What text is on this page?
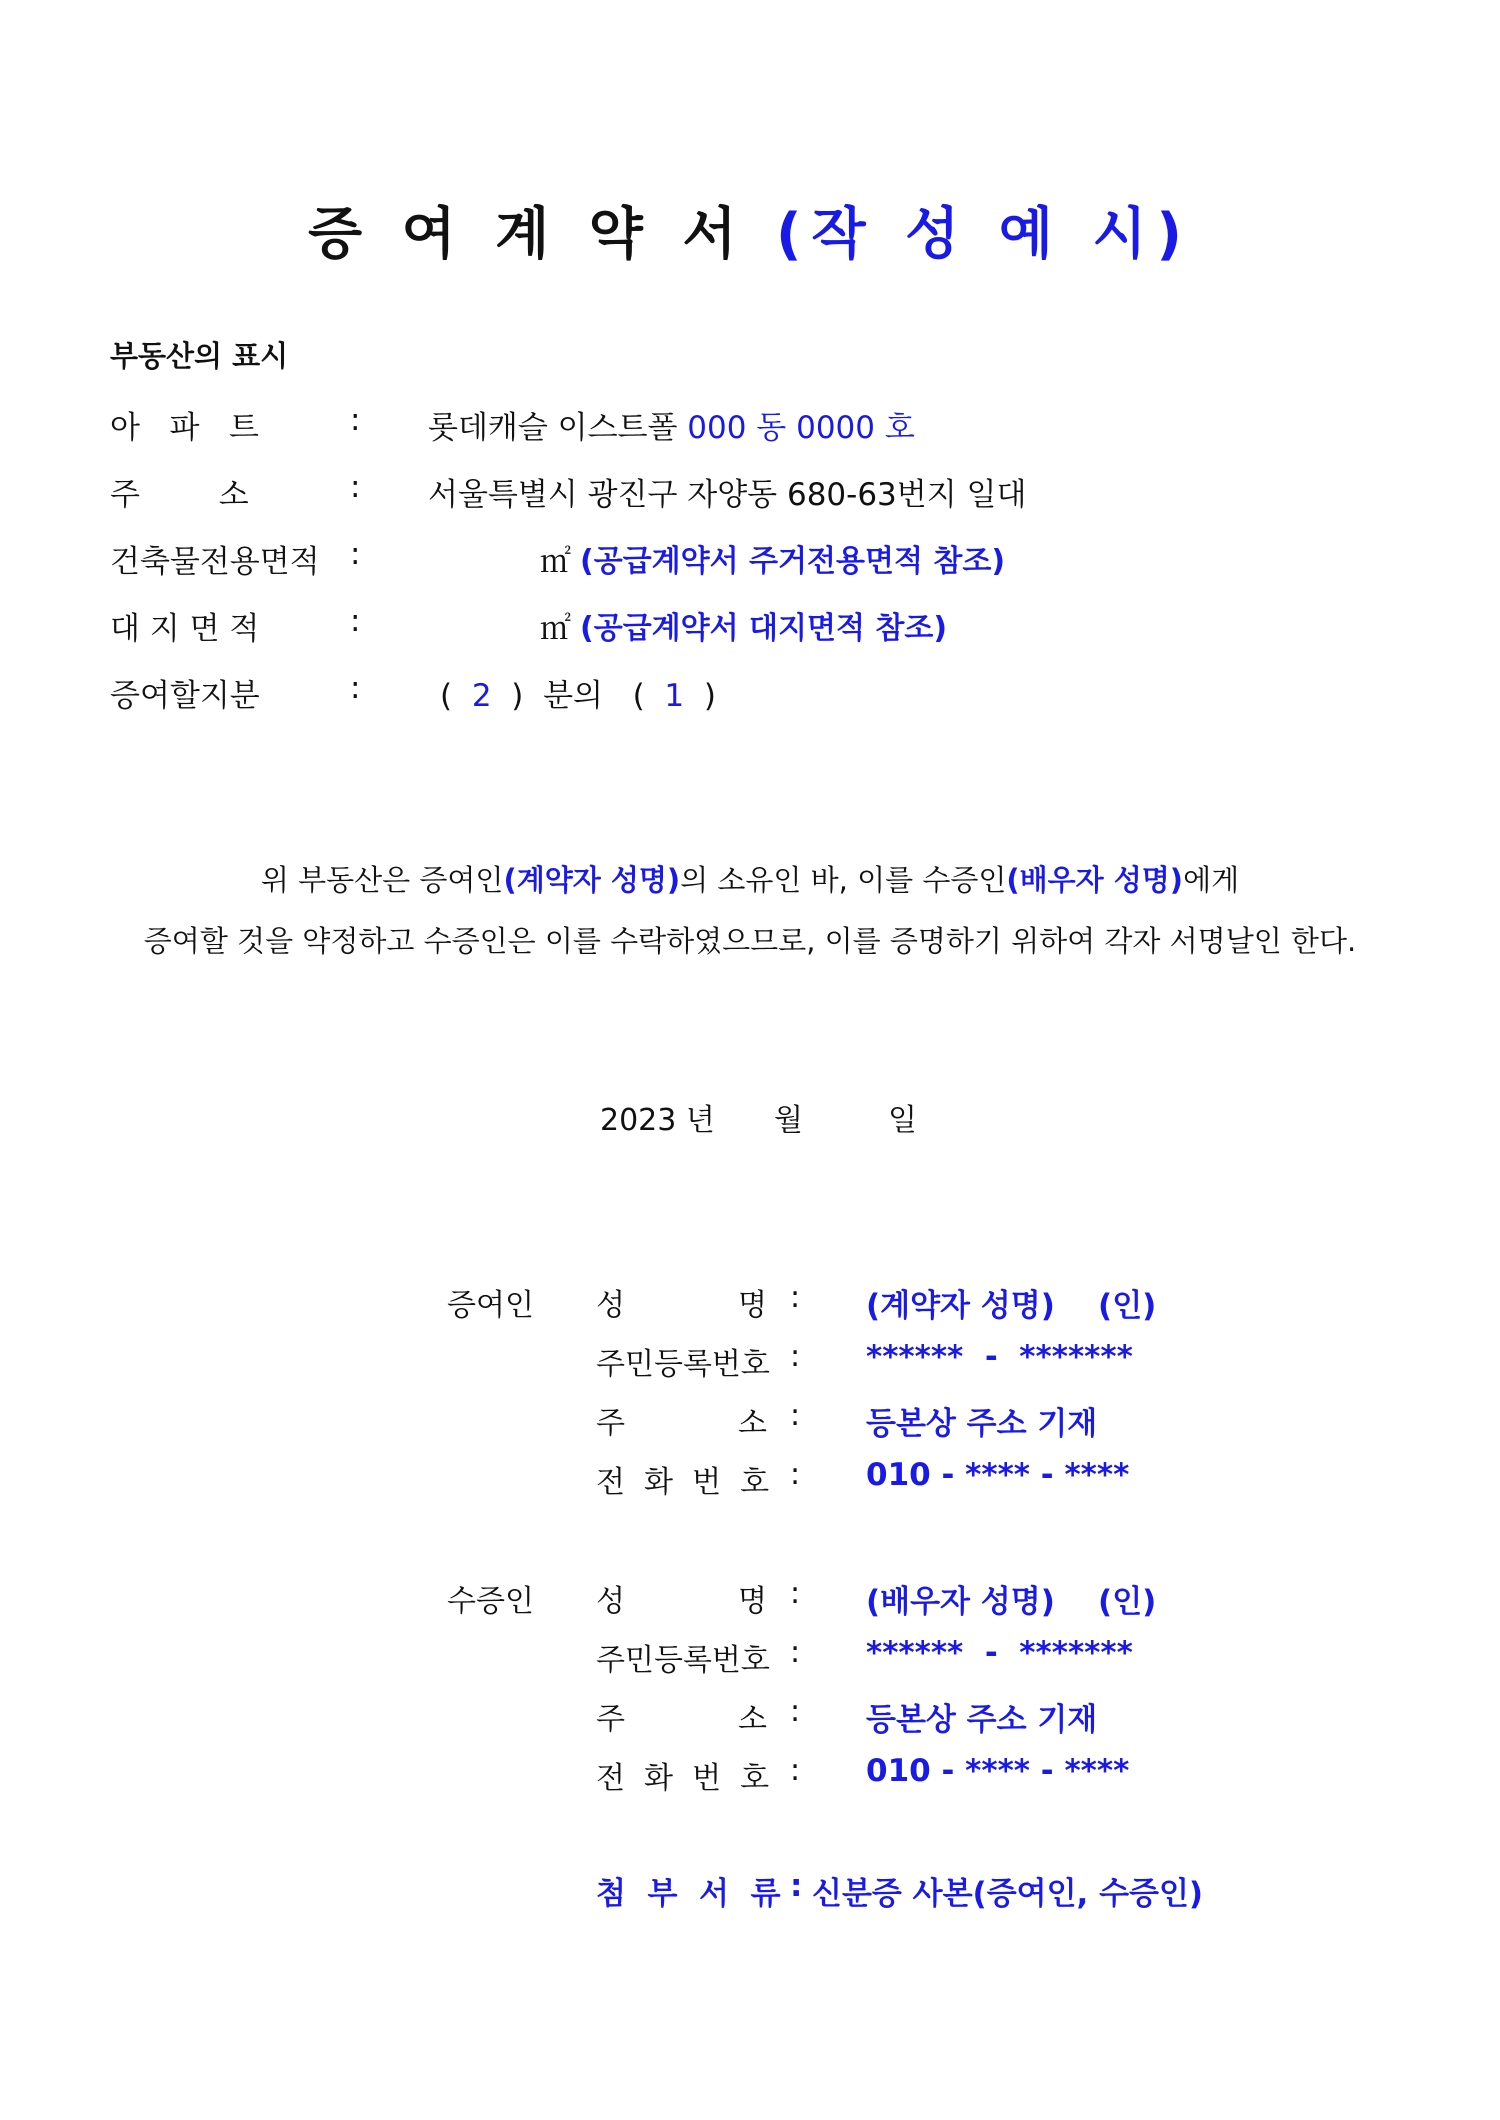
증 여 계 약 서 (작 성 예 시)
부동산의 표시
아   파   트	: 롯데캐슬 이스트폴 000 동 0000 호
주        소	: 서울특별시 광진구 자양동 680-63번지 일대
건축물전용면적 :	㎡ (공급계약서 주거전용면적 참조)
대 지 면 적	:	㎡ (공급계약서 대지면적 참조)
증여할지분	:	( 2 ) 분의 ( 1 )
위 부동산은 증여인(계약자 성명)의 소유인 바, 이를 수증인(배우자 성명)에게
증여할 것을 약정하고 수증인은 이를 수락하였으므로, 이를 증명하기 위하여 각자 서명날인 한다.
2023 년 월	일
증여인 성	명 : (계약자 성명)    (인)
주민등록번호 : ******  -  *******
주	소 : 등본상 주소 기재
전  화  번  호 : 010 - **** - ****
수증인 성	명 : (배우자 성명)    (인)
주민등록번호 : ******  -  *******
주	소 : 등본상 주소 기재
전  화  번  호 : 010 - **** - ****
첨  부  서  류 : 신분증 사본(증여인, 수증인)
